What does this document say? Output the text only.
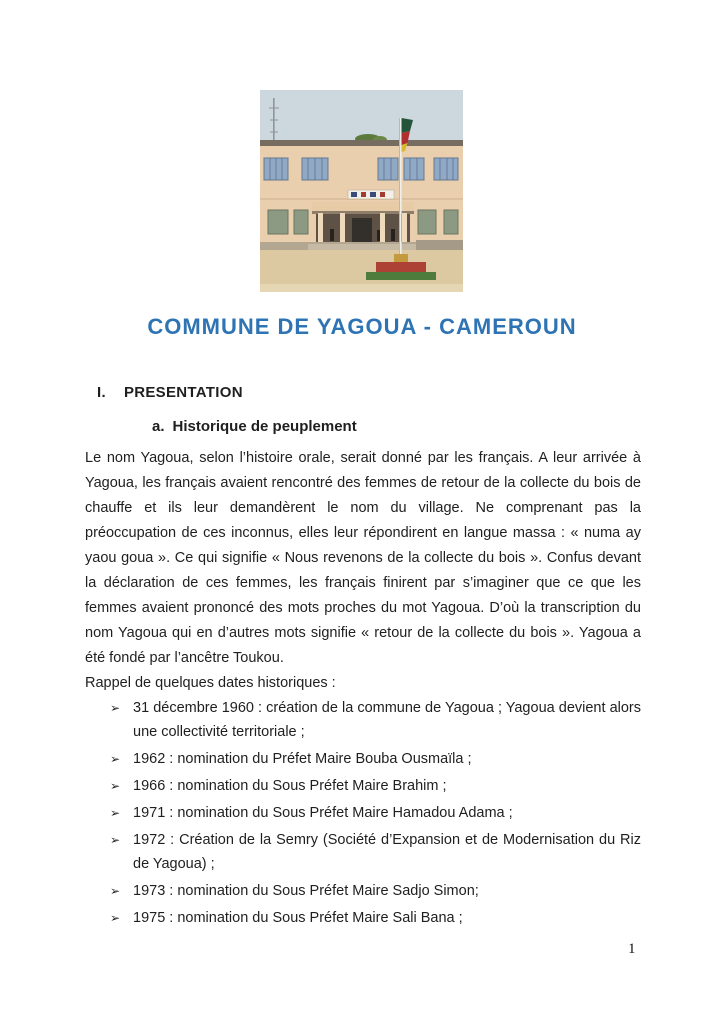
COMMUNE DE YAGOUA - CAMEROUN
I. PRESENTATION
a. Historique de peuplement

Le nom Yagoua, selon l’histoire orale, serait donné par les français. A leur arrivée à Yagoua, les français avaient rencontré des femmes de retour de la collecte du bois de chauffe et ils leur demandèrent le nom du village. Ne comprenant pas la préoccupation de ces inconnus, elles leur répondirent en langue massa : « numa ay yaou goua ». Ce qui signifie « Nous revenons de la collecte du bois ». Confus devant la déclaration de ces femmes, les français finirent par s’imaginer que ce que les femmes avaient prononcé des mots proches du mot Yagoua. D’où la transcription du nom Yagoua qui en d’autres mots signifie « retour de la collecte du bois ». Yagoua a été fondé par l’ancêtre Toukou.

Rappel de quelques dates historiques :

➢ 31 décembre 1960 : création de la commune de Yagoua ; Yagoua devient alors une collectivité territoriale ;
➢ 1962 : nomination du Préfet Maire Bouba Ousmaïla ;
➢ 1966 : nomination du Sous Préfet Maire Brahim ;
➢ 1971 : nomination du Sous Préfet Maire Hamadou Adama ;
➢ 1972 : Création de la Semry (Société d’Expansion et de Modernisation du Riz de Yagoua) ;
➢ 1973 : nomination du Sous Préfet Maire Sadjo Simon;
➢ 1975 : nomination du Sous Préfet Maire Sali Bana ;
1
